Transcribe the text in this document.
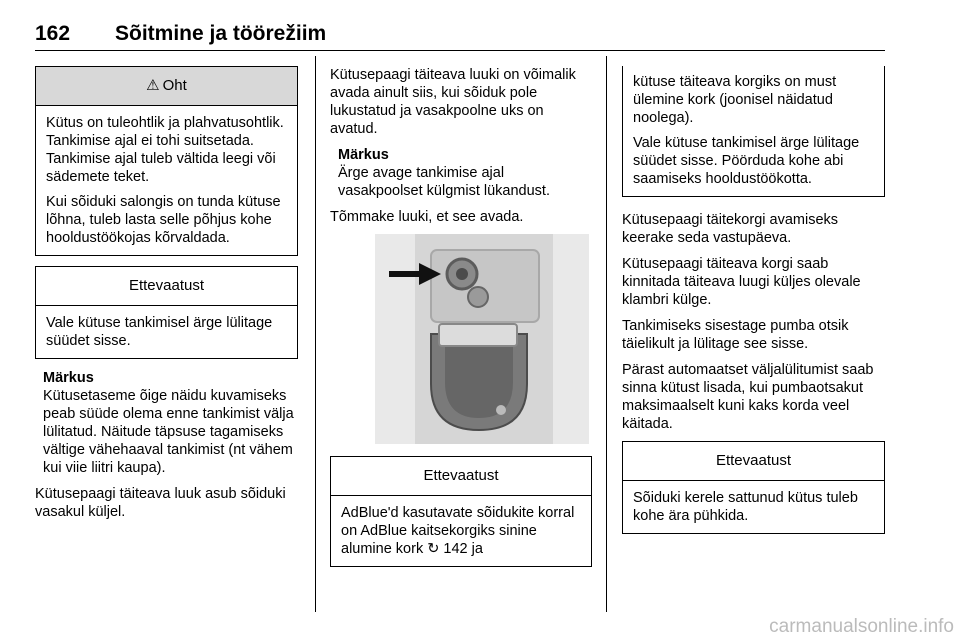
162 Sõitmine ja töörežiim
⚠ Oht

Kütus on tuleohtlik ja plahvatusohtlik. Tankimise ajal ei tohi suitsetada. Tankimise ajal tuleb vältida leegi või sädemete teket.

Kui sõiduki salongis on tunda kütuse lõhna, tuleb lasta selle põhjus kohe hooldustöökojas kõrvaldada.

Ettevaatust

Vale kütuse tankimisel ärge lülitage süüdet sisse.

Märkus
Kütusetaseme õige näidu kuvamiseks peab süüde olema enne tankimist välja lülitatud. Näitude täpsuse tagamiseks vältige vähehaaval tankimist (nt vähem kui viie liitri kaupa).

Kütusepaagi täiteava luuk asub sõiduki vasakul küljel.

Kütusepaagi täiteava luuki on võimalik avada ainult siis, kui sõiduk pole lukustatud ja vasakpoolne uks on avatud.

Märkus
Ärge avage tankimise ajal vasakpoolset külgmist lükandust.

Tõmmake luuki, et see avada.

Ettevaatust

AdBlue'd kasutavate sõidukite korral on AdBlue kaitsekorgiks sinine alumine kork ↻ 142 ja

kütuse täiteava korgiks on must ülemine kork (joonisel näidatud noolega).

Vale kütuse tankimisel ärge lülitage süüdet sisse. Pöörduda kohe abi saamiseks hooldustöökotta.

Kütusepaagi täitekorgi avamiseks keerake seda vastupäeva.

Kütusepaagi täiteava korgi saab kinnitada täiteava luugi küljes olevale klambri külge.

Tankimiseks sisestage pumba otsik täielikult ja lülitage see sisse.

Pärast automaatset väljalülitumist saab sinna kütust lisada, kui pumbaotsakut maksimaalselt kuni kaks korda veel käitada.

Ettevaatust

Sõiduki kerele sattunud kütus tuleb kohe ära pühkida.

carmanualsonline.info
